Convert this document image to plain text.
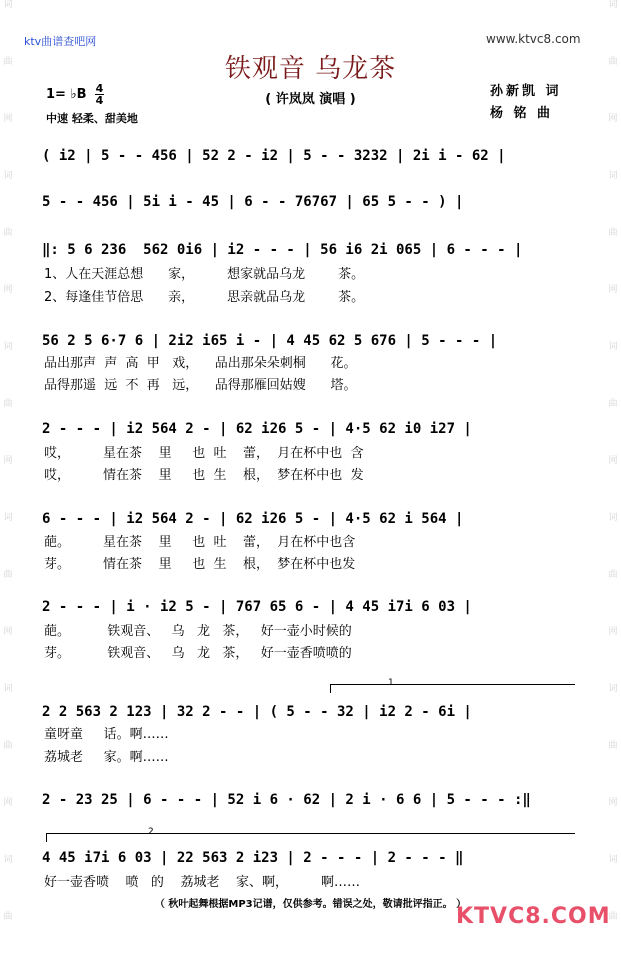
词
曲
网
词
曲
网
词
曲
网
词
曲
网
词
曲
网
词
曲
词
曲
网
词
曲
网
词
曲
网
词
曲
网
词
曲
网
词
曲
ktv曲谱查吧网	www.ktvc8.com
铁观音 乌龙茶
( 许岚岚 演唱 )
1= ♭B 4
4
中速 轻柔、甜美地
孙新凯 词
杨 铭 曲
( i2 | 5 - - 456 | 52 2 - i2 | 5 - - 3232 | 2i i - 62 |
5 - - 456 | 5i i - 45 | 6 - - 76767 | 65 5 - - ) |
‖: 5 6 236  562 0i6 | i2 - - - | 56 i6 2i 065 | 6 - - - |
1、人在天涯总想      家，        想家就品乌龙        茶。
2、每逢佳节倍思      亲，        思亲就品乌龙        茶。
56 2 5 6·7 6 | 2i2 i65 i - | 4 45 62 5 676 | 5 - - - |
品出那声  声  高  甲   戏，    品出那朵朵刺桐      花。
品得那遥  远  不  再   远，    品得那雁回姑嫂      塔。
2 - - - | i2 564 2 - | 62 i26 5 - | 4·5 62 i0 i27 |
哎，        星在茶    里     也  吐    蕾，  月在杯中也  含
哎，        情在茶    里     也  生    根，  梦在杯中也  发
6 - - - | i2 564 2 - | 62 i26 5 - | 4·5 62 i 564 |
葩。        星在茶    里     也  吐    蕾，  月在杯中也含
芽。        情在茶    里     也  生    根，  梦在杯中也发
2 - - - | i · i2 5 - | 767 65 6 - | 4 45 i7i 6 03 |
葩。         铁观音、   乌   龙   茶，   好一壶小时候的
芽。         铁观音、   乌   龙   茶，   好一壶香喷喷的
1
2 2 563 2 123 | 32 2 - - | ( 5 - - 32 | i2 2 - 6i |
童呀童     话。啊……
荔城老     家。啊……
2 - 23 25 | 6 - - - | 52 i 6 · 62 | 2 i · 6 6 | 5 - - - :‖
2
4 45 i7i 6 03 | 22 563 2 i23 | 2 - - - | 2 - - - ‖
好一壶香喷    喷   的    荔城老    家、啊，        啊……
（ 秋叶起舞根据MP3记谱，仅供参考。错误之处，敬请批评指正。 ）
KTVC8.COM
